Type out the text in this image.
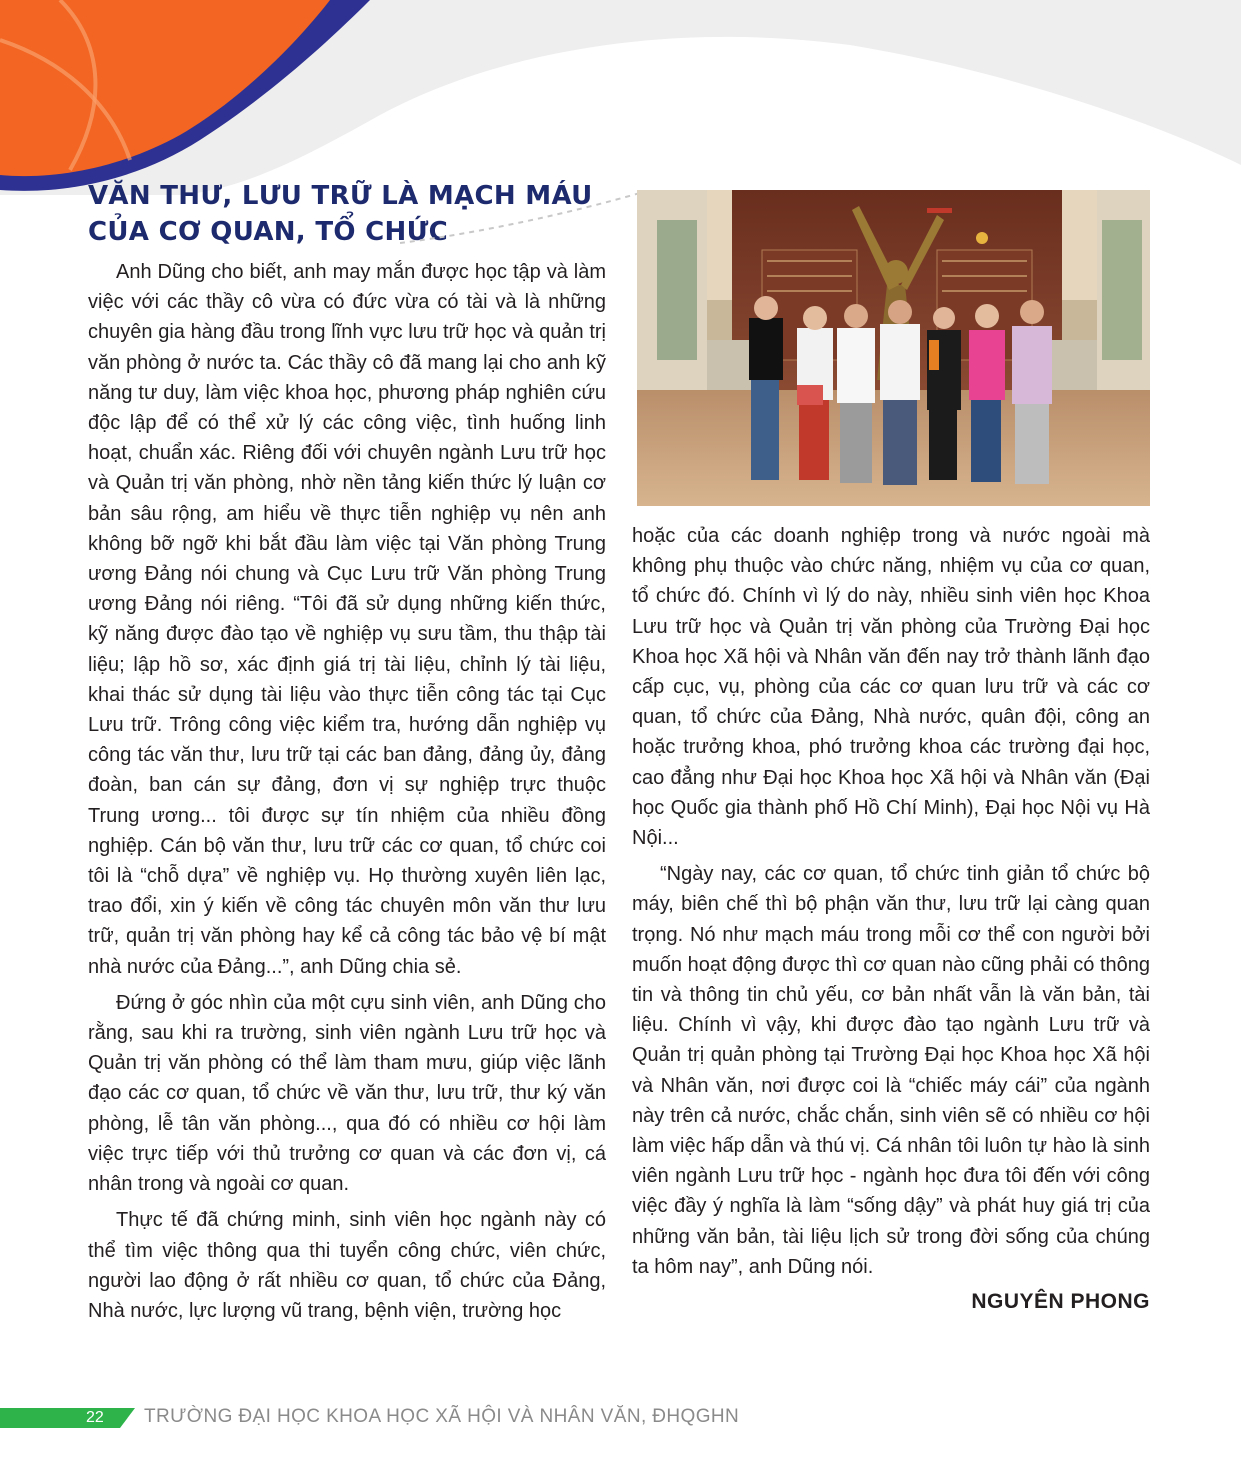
VĂN THƯ, LƯU TRỮ LÀ MẠCH MÁU CỦA CƠ QUAN, TỔ CHỨC

Anh Dũng cho biết, anh may mắn được học tập và làm việc với các thầy cô vừa có đức vừa có tài và là những chuyên gia hàng đầu trong lĩnh vực lưu trữ học và quản trị văn phòng ở nước ta. Các thầy cô đã mang lại cho anh kỹ năng tư duy, làm việc khoa học, phương pháp nghiên cứu độc lập để có thể xử lý các công việc, tình huống linh hoạt, chuẩn xác. Riêng đối với chuyên ngành Lưu trữ học và Quản trị văn phòng, nhờ nền tảng kiến thức lý luận cơ bản sâu rộng, am hiểu về thực tiễn nghiệp vụ nên anh không bỡ ngỡ khi bắt đầu làm việc tại Văn phòng Trung ương Đảng nói chung và Cục Lưu trữ Văn phòng Trung ương Đảng nói riêng. “Tôi đã sử dụng những kiến thức, kỹ năng được đào tạo về nghiệp vụ sưu tầm, thu thập tài liệu; lập hồ sơ, xác định giá trị tài liệu, chỉnh lý tài liệu, khai thác sử dụng tài liệu vào thực tiễn công tác tại Cục Lưu trữ. Trông công việc kiểm tra, hướng dẫn nghiệp vụ công tác văn thư, lưu trữ tại các ban đảng, đảng ủy, đảng đoàn, ban cán sự đảng, đơn vị sự nghiệp trực thuộc Trung ương... tôi được sự tín nhiệm của nhiều đồng nghiệp. Cán bộ văn thư, lưu trữ các cơ quan, tổ chức coi tôi là “chỗ dựa” về nghiệp vụ. Họ thường xuyên liên lạc, trao đổi, xin ý kiến về công tác chuyên môn văn thư lưu trữ, quản trị văn phòng hay kể cả công tác bảo vệ bí mật nhà nước của Đảng...”, anh Dũng chia sẻ.

Đứng ở góc nhìn của một cựu sinh viên, anh Dũng cho rằng, sau khi ra trường, sinh viên ngành Lưu trữ học và Quản trị văn phòng có thể làm tham mưu, giúp việc lãnh đạo các cơ quan, tổ chức về văn thư, lưu trữ, thư ký văn phòng, lễ tân văn phòng..., qua đó có nhiều cơ hội làm việc trực tiếp với thủ trưởng cơ quan và các đơn vị, cá nhân trong và ngoài cơ quan.

Thực tế đã chứng minh, sinh viên học ngành này có thể tìm việc thông qua thi tuyển công chức, viên chức, người lao động ở rất nhiều cơ quan, tổ chức của Đảng, Nhà nước, lực lượng vũ trang, bệnh viện, trường học

hoặc của các doanh nghiệp trong và nước ngoài mà không phụ thuộc vào chức năng, nhiệm vụ của cơ quan, tổ chức đó. Chính vì lý do này, nhiều sinh viên học Khoa Lưu trữ học và Quản trị văn phòng của Trường Đại học Khoa học Xã hội và Nhân văn đến nay trở thành lãnh đạo cấp cục, vụ, phòng của các cơ quan lưu trữ và các cơ quan, tổ chức của Đảng, Nhà nước, quân đội, công an hoặc trưởng khoa, phó trưởng khoa các trường đại học, cao đẳng như Đại học Khoa học Xã hội và Nhân văn (Đại học Quốc gia thành phố Hồ Chí Minh), Đại học Nội vụ Hà Nội...

“Ngày nay, các cơ quan, tổ chức tinh giản tổ chức bộ máy, biên chế thì bộ phận văn thư, lưu trữ lại càng quan trọng. Nó như mạch máu trong mỗi cơ thể con người bởi muốn hoạt động được thì cơ quan nào cũng phải có thông tin và thông tin chủ yếu, cơ bản nhất vẫn là văn bản, tài liệu. Chính vì vậy, khi được đào tạo ngành Lưu trữ và Quản trị quản phòng tại Trường Đại học Khoa học Xã hội và Nhân văn, nơi được coi là “chiếc máy cái” của ngành này trên cả nước, chắc chắn, sinh viên sẽ có nhiều cơ hội làm việc hấp dẫn và thú vị. Cá nhân tôi luôn tự hào là sinh viên ngành Lưu trữ học - ngành học đưa tôi đến với công việc đầy ý nghĩa là làm “sống dậy” và phát huy giá trị của những văn bản, tài liệu lịch sử trong đời sống của chúng ta hôm nay”, anh Dũng nói.

NGUYÊN PHONG
22 TRƯỜNG ĐẠI HỌC KHOA HỌC XÃ HỘI VÀ NHÂN VĂN, ĐHQGHN
